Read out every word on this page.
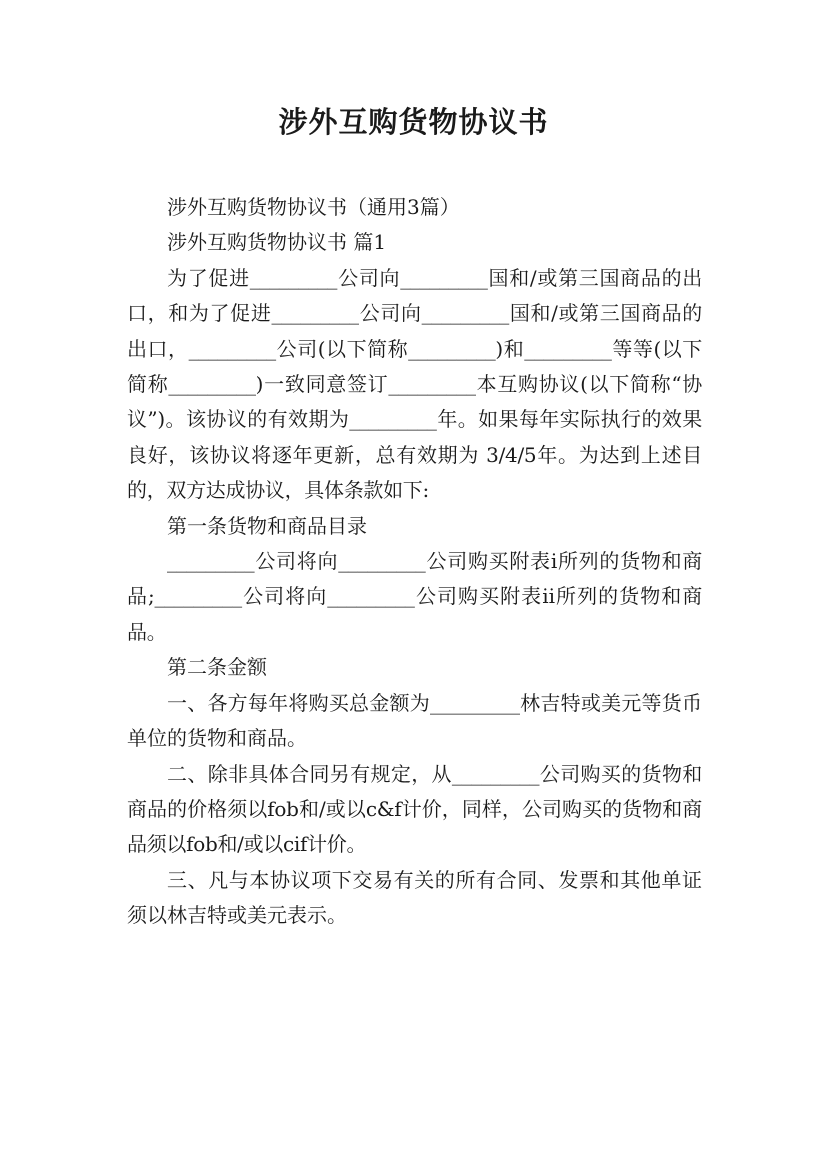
涉外互购货物协议书

涉外互购货物协议书（通用3篇）

涉外互购货物协议书 篇1

为了促进_________公司向_________国和/或第三国商品的出口，和为了促进_________公司向_________国和/或第三国商品的出口，_________公司(以下简称_________)和_________等等(以下简称_________)一致同意签订_________本互购协议(以下简称“协议”)。该协议的有效期为_________年。如果每年实际执行的效果良好，该协议将逐年更新，总有效期为 3/4/5年。为达到上述目的，双方达成协议，具体条款如下:

第一条货物和商品目录

_________公司将向_________公司购买附表ⅰ所列的货物和商品;_________公司将向_________公司购买附表ⅱ所列的货物和商品。

第二条金额

一、各方每年将购买总金额为_________林吉特或美元等货币单位的货物和商品。

二、除非具体合同另有规定，从_________公司购买的货物和商品的价格须以fob和/或以c&f计价，同样，公司购买的货物和商品须以fob和/或以cif计价。

三、凡与本协议项下交易有关的所有合同、发票和其他单证须以林吉特或美元表示。
